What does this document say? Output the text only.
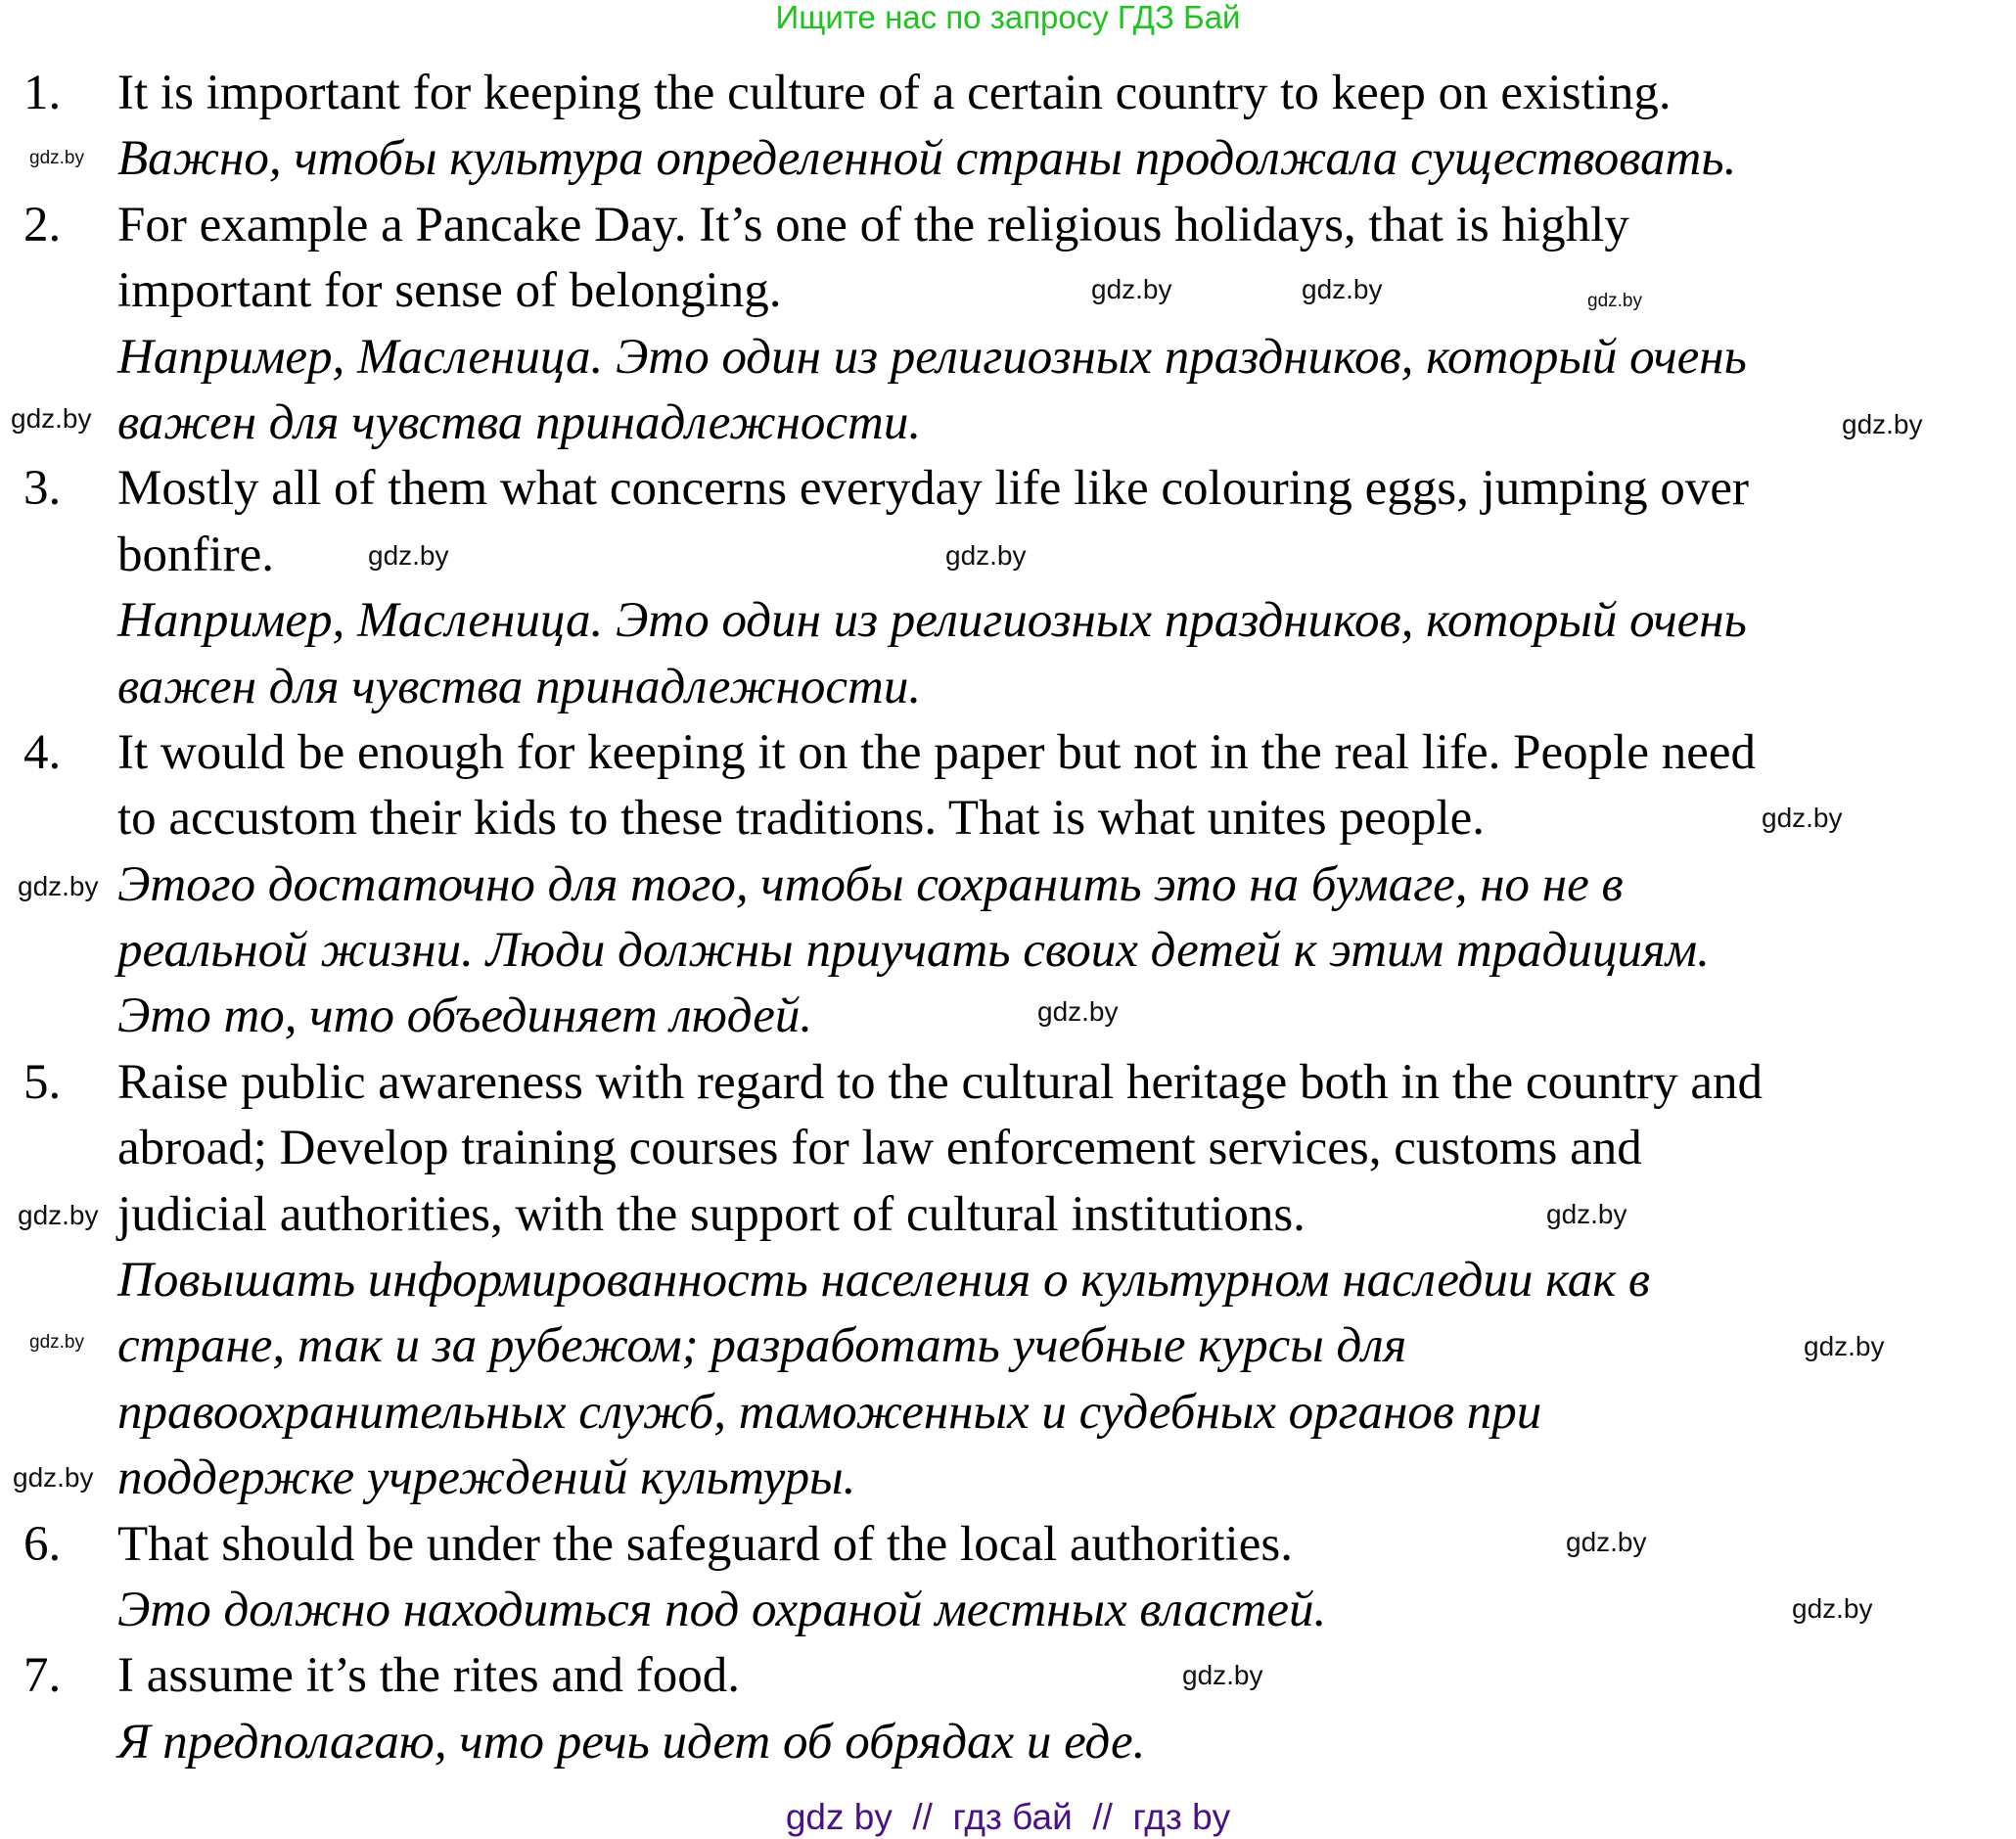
Ищите нас по запросу ГДЗ Бай
1. It is important for keeping the culture of a certain country to keep on existing.
Важно, чтобы культура определенной страны продолжала существовать.
2. For example a Pancake Day. It’s one of the religious holidays, that is highly
important for sense of belonging.
Например, Масленица. Это один из религиозных праздников, который очень
важен для чувства принадлежности.
3. Mostly all of them what concerns everyday life like colouring eggs, jumping over
bonfire.
Например, Масленица. Это один из религиозных праздников, который очень
важен для чувства принадлежности.
4. It would be enough for keeping it on the paper but not in the real life. People need
to accustom their kids to these traditions. That is what unites people.
Этого достаточно для того, чтобы сохранить это на бумаге, но не в
реальной жизни. Люди должны приучать своих детей к этим традициям.
Это то, что объединяет людей.
5. Raise public awareness with regard to the cultural heritage both in the country and
abroad; Develop training courses for law enforcement services, customs and
judicial authorities, with the support of cultural institutions.
Повышать информированность населения о культурном наследии как в
стране, так и за рубежом; разработать учебные курсы для
правоохранительных служб, таможенных и судебных органов при
поддержке учреждений культуры.
6. That should be under the safeguard of the local authorities.
Это должно находиться под охраной местных властей.
7. I assume it’s the rites and food.
Я предполагаю, что речь идет об обрядах и еде.
gdz.by
gdz.by
gdz.by	gdz.by
gdz.by	gdz.by
gdz.by	gdz.by
gdz.by
gdz.by
gdz.by
gdz.by	gdz.by
gdz.by	gdz.by
gdz.by
gdz.by
gdz.by
gdz.by
gdz by  //  гдз бай  //  гдз by
